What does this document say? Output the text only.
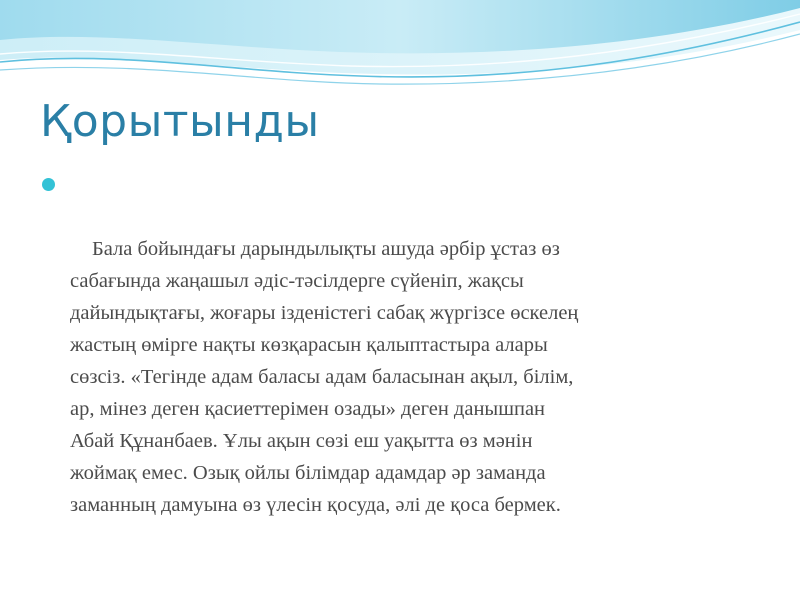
Қорытынды

Бала бойындағы дарындылықты ашуда әрбір ұстаз өз
сабағында жаңашыл әдіс-тәсілдерге сүйеніп, жақсы
дайындықтағы, жоғары ізденістегі сабақ жүргізсе өскелең
жастың өмірге нақты көзқарасын қалыптастыра алары
сөзсіз. «Тегінде адам баласы адам баласынан ақыл, білім,
ар, мінез деген қасиеттерімен озады» деген данышпан
Абай Құнанбаев. Ұлы ақын сөзі еш уақытта өз мәнін
жоймақ емес. Озық ойлы білімдар адамдар әр заманда
заманның дамуына өз үлесін қосуда, әлі де қоса бермек.
